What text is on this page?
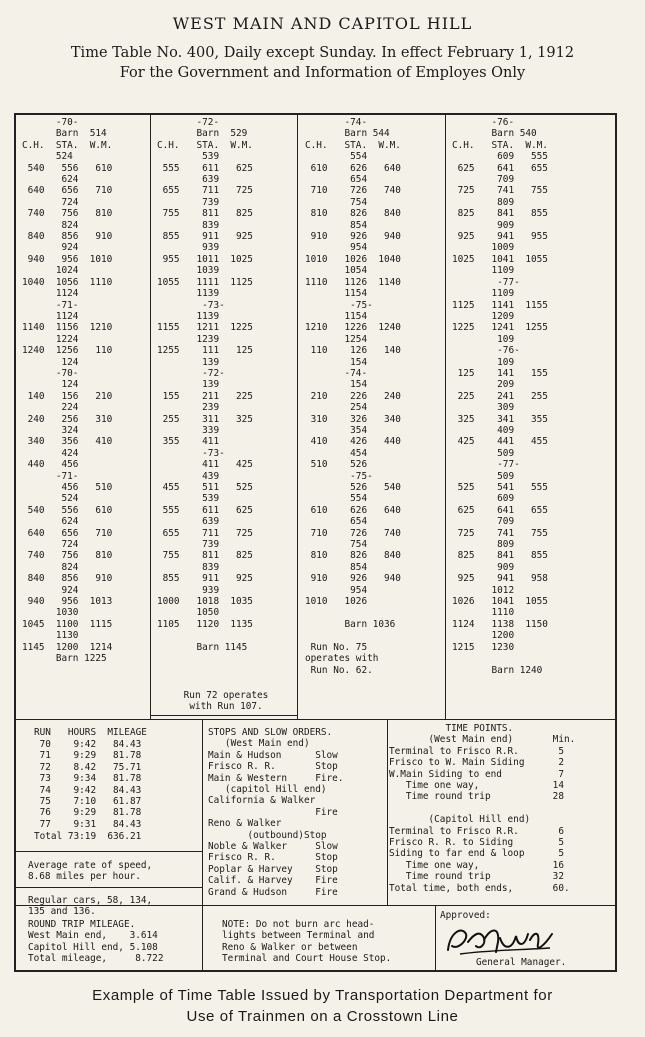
WEST MAIN AND CAPITOL HILL
Time Table No. 400, Daily except Sunday. In effect February 1, 1912
For the Government and Information of Employes Only
-70-
Barn  514
C.H.  STA.  W.M.
524
540   556   610
624
640   656   710
724
740   756   810
824
840   856   910
924
940   956  1010
1024
1040  1056  1110
1124
-71-
1124
1140  1156  1210
1224
1240  1256   110
124
-70-
124
140   156   210
224
240   256   310
324
340   356   410
424
440   456
-71-
456   510
524
540   556   610
624
640   656   710
724
740   756   810
824
840   856   910
924
940   956  1013
1030
1045  1100  1115
1130
1145  1200  1214
Barn 1225
-72-
Barn  529
C.H.   STA.  W.M.
539
555    611   625
639
655    711   725
739
755    811   825
839
855    911   925
939
955   1011  1025
1039
1055   1111  1125
1139
-73-
1139
1155   1211  1225
1239
1255    111   125
139
-72-
139
155    211   225
239
255    311   325
339
355    411
-73-
411   425
439
455    511   525
539
555    611   625
639
655    711   725
739
755    811   825
839
855    911   925
939
1000   1018  1035
1050
1105   1120  1135

Barn 1145
-74-
Barn 544
C.H.   STA.  W.M.
554
610    626   640
654
710    726   740
754
810    826   840
854
910    926   940
954
1010   1026  1040
1054
1110   1126  1140
1154
-75-
1154
1210   1226  1240
1254
110    126   140
154
-74-
154
210    226   240
254
310    326   340
354
410    426   440
454
510    526
-75-
526   540
554
610    626   640
654
710    726   740
754
810    826   840
854
910    926   940
954
1010   1026

Barn 1036

Run No. 75
operates with
Run No. 62.
-76-
Barn 540
C.H.   STA.  W.M.
609   555
625    641   655
709
725    741   755
809
825    841   855
909
925    941   955
1009
1025   1041  1055
1109
-77-
1109
1125   1141  1155
1209
1225   1241  1255
109
-76-
109
125    141   155
209
225    241   255
309
325    341   355
409
425    441   455
509
-77-
509
525    541   555
609
625    641   655
709
725    741   755
809
825    841   855
909
925    941   958
1012
1026   1041  1055
1110
1124   1138  1150
1200
1215   1230

Barn 1240
Run 72 operates
with Run 107.
RUN   HOURS  MILEAGE
70    9:42   84.43
71    9:29   81.78
72    8.42   75.71
73    9:34   81.78
74    9:42   84.43
75    7:10   61.87
76    9:29   81.78
77    9:31   84.43
Total 73:19  636.21
Average rate of speed,
8.68 miles per hour.
Regular cars, 58, 134,
135 and 136.
ROUND TRIP MILEAGE.
West Main end,    3.614
Capitol Hill end, 5.108
Total mileage,     8.722
STOPS AND SLOW ORDERS.
(West Main end)
Main & Hudson      Slow
Frisco R. R.       Stop
Main & Western     Fire.
(capitol Hill end)
California & Walker
Fire
Reno & Walker
(outbound)Stop
Noble & Walker     Slow
Frisco R. R.       Stop
Poplar & Harvey    Stop
Calif. & Harvey    Fire
Grand & Hudson     Fire
NOTE: Do not burn arc head-
lights between Terminal and
Reno & Walker or between
Terminal and Court House Stop.
TIME POINTS.
(West Main end)       Min.
Terminal to Frisco R.R.       5
Frisco to W. Main Siding      2
W.Main Siding to end          7
Time one way,             14
Time round trip           28

(Capitol Hill end)
Terminal to Frisco R.R.       6
Frisco R. R. to Siding        5
Siding to far end & loop      5
Time one way,             16
Time round trip           32
Total time, both ends,       60.
Approved:
General Manager.
Example of Time Table Issued by Transportation Department for
Use of Trainmen on a Crosstown Line
